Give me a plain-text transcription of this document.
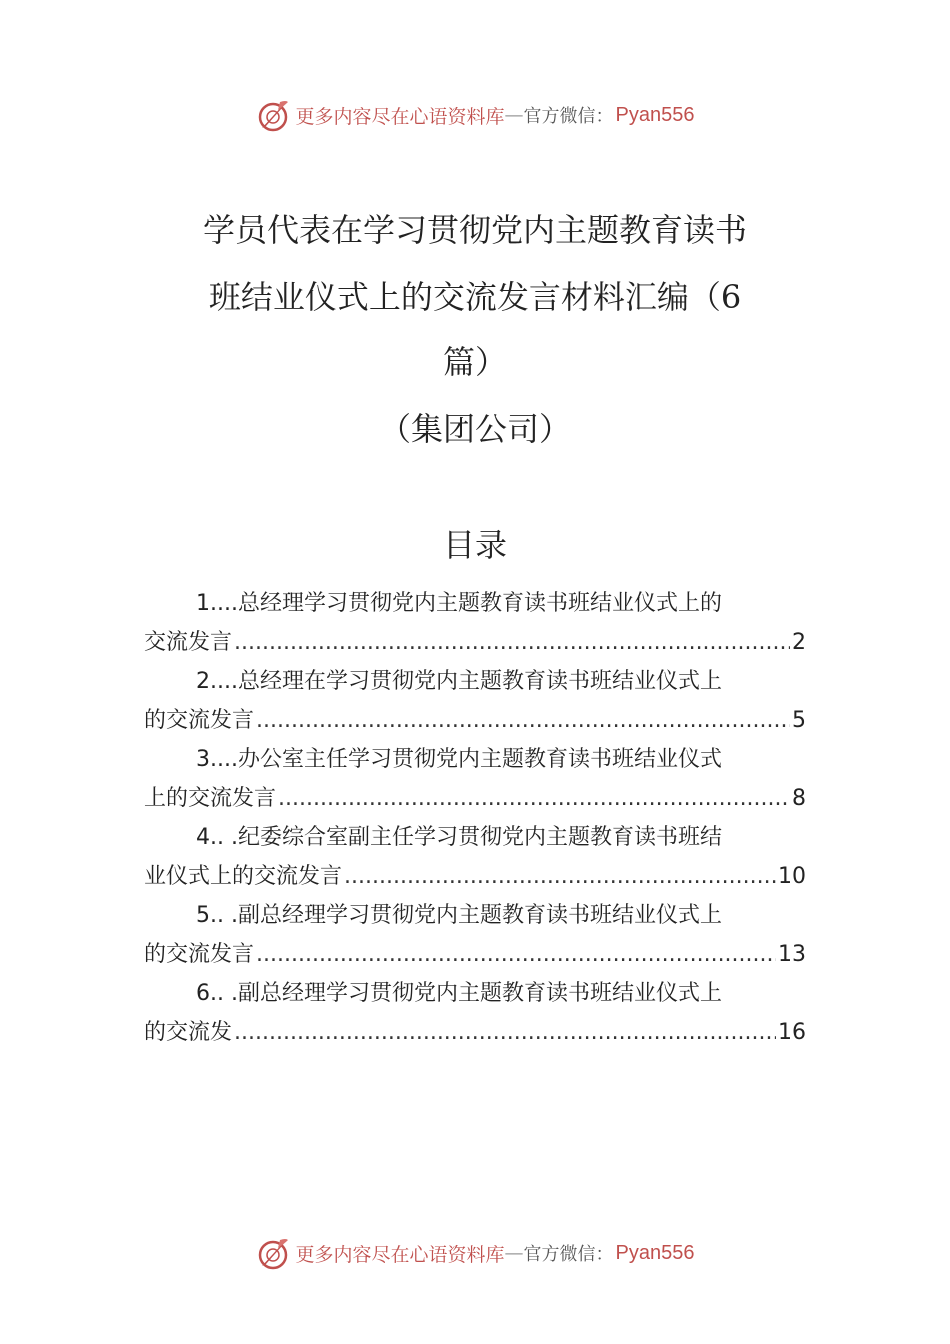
更多内容尽在心语资料库 — 官方微信： Pyan556
学员代表在学习贯彻党内主题教育读书
班结业仪式上的交流发言材料汇编（6
篇）
（集团公司）
目录
1....总经理学习贯彻党内主题教育读书班结业仪式上的
交流发言 .....	2
2....总经理在学习贯彻党内主题教育读书班结业仪式上
的交流发言 .....	5
3....办公室主任学习贯彻党内主题教育读书班结业仪式
上的交流发言 .....	8
4.. .纪委综合室副主任学习贯彻党内主题教育读书班结
业仪式上的交流发言 .....	10
5.. .副总经理学习贯彻党内主题教育读书班结业仪式上
的交流发言 .....	13
6.. .副总经理学习贯彻党内主题教育读书班结业仪式上
的交流发 .....	16
更多内容尽在心语资料库 — 官方微信： Pyan556
